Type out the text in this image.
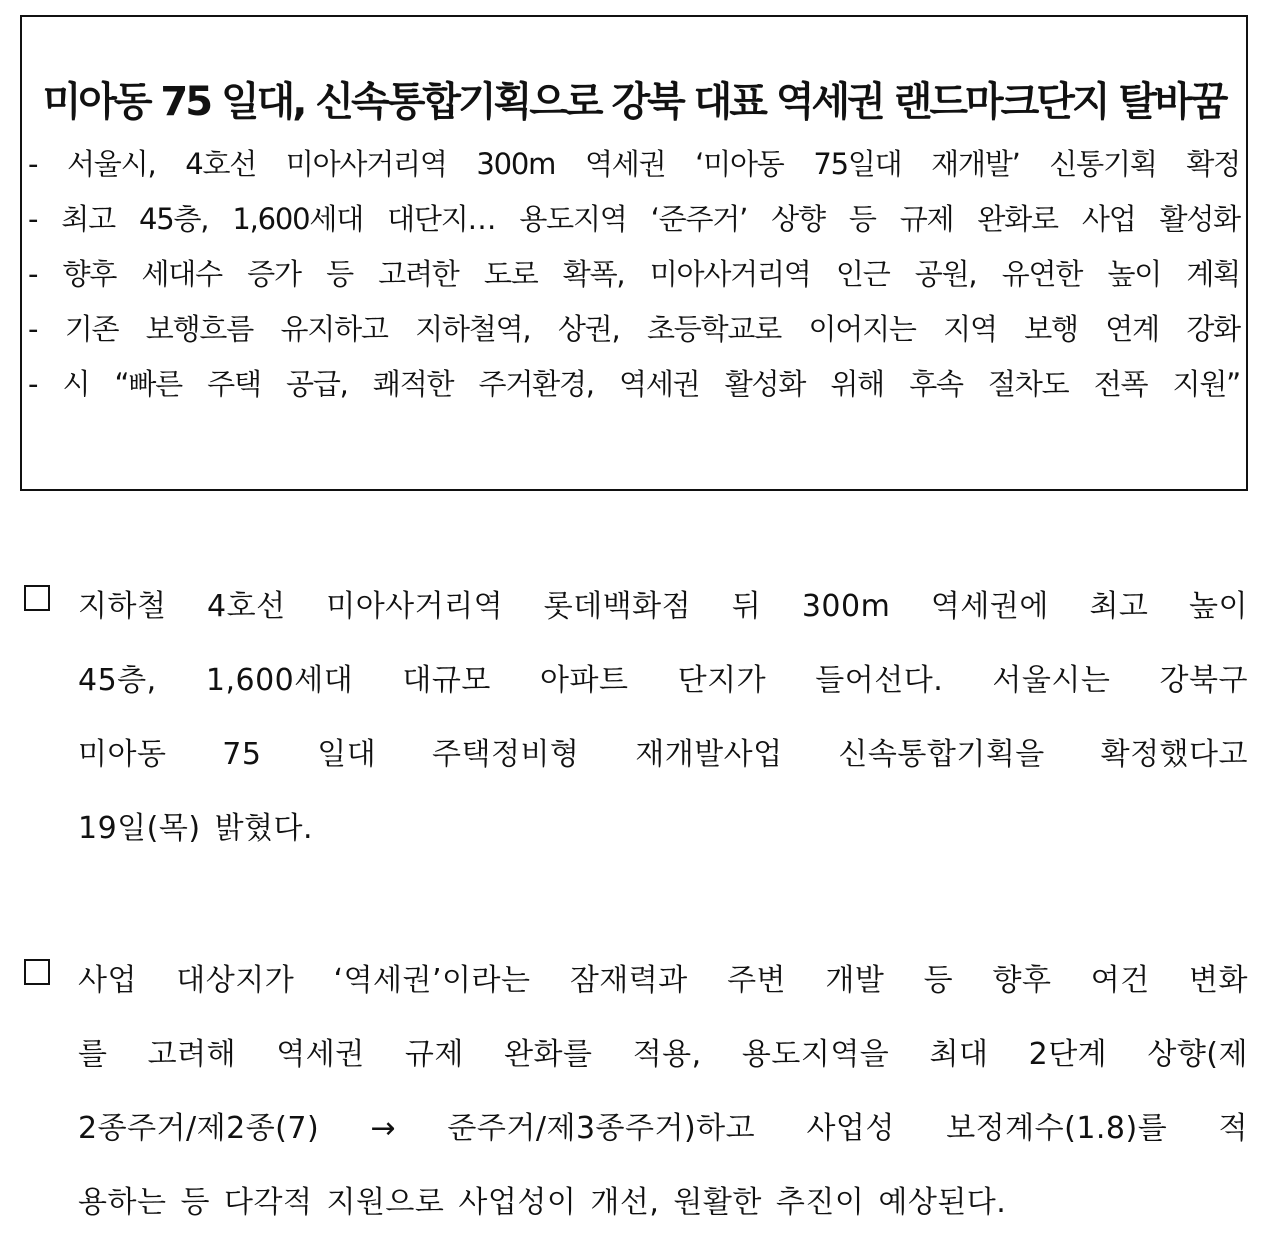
미아동 75 일대, 신속통합기획으로 강북 대표 역세권 랜드마크단지 탈바꿈
- 서울시, 4호선 미아사거리역 300m 역세권 ‘미아동 75일대 재개발’ 신통기획 확정
- 최고 45층, 1,600세대 대단지… 용도지역 ‘준주거’ 상향 등 규제 완화로 사업 활성화
- 향후 세대수 증가 등 고려한 도로 확폭, 미아사거리역 인근 공원, 유연한 높이 계획
- 기존 보행흐름 유지하고 지하철역, 상권, 초등학교로 이어지는 지역 보행 연계 강화
- 시 “빠른 주택 공급, 쾌적한 주거환경, 역세권 활성화 위해 후속 절차도 전폭 지원”
지하철 4호선 미아사거리역 롯데백화점 뒤 300m 역세권에 최고 높이
45층, 1,600세대 대규모 아파트 단지가 들어선다. 서울시는 강북구
미아동 75 일대 주택정비형 재개발사업 신속통합기획을 확정했다고
19일(목) 밝혔다.
사업 대상지가 ‘역세권’이라는 잠재력과 주변 개발 등 향후 여건 변화
를 고려해 역세권 규제 완화를 적용, 용도지역을 최대 2단계 상향(제
2종주거/제2종(7) → 준주거/제3종주거)하고 사업성 보정계수(1.8)를 적
용하는 등 다각적 지원으로 사업성이 개선, 원활한 추진이 예상된다.
